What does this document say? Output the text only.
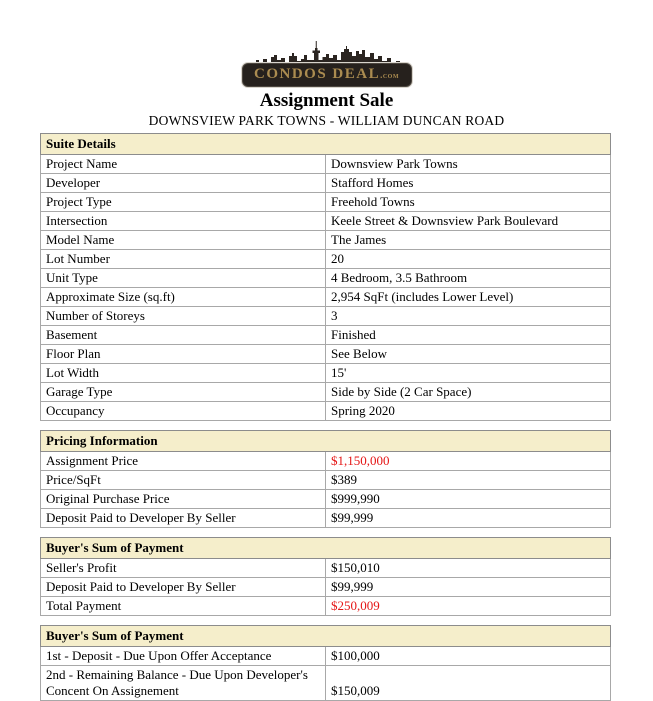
CONDOS DEAL.com
Assignment Sale
DOWNSVIEW PARK TOWNS - WILLIAM DUNCAN ROAD
Suite Details	
Project Name	Downsview Park Towns
Developer	Stafford Homes
Project Type	Freehold Towns
Intersection	Keele Street & Downsview Park Boulevard
Model Name	The James
Lot Number	20
Unit Type	4 Bedroom, 3.5 Bathroom
Approximate Size (sq.ft)	2,954 SqFt (includes Lower Level)
Number of Storeys	3
Basement	Finished
Floor Plan	See Below
Lot Width	15'
Garage Type	Side by Side (2 Car Space)
Occupancy	Spring 2020
Pricing Information	
Assignment Price	$1,150,000
Price/SqFt	$389
Original Purchase Price	$999,990
Deposit Paid to Developer By Seller	$99,999
Buyer's Sum of Payment	
Seller's Profit	$150,010
Deposit Paid to Developer By Seller	$99,999
Total Payment	$250,009
Buyer's Sum of Payment	
1st - Deposit - Due Upon Offer Acceptance	$100,000
2nd - Remaining Balance - Due Upon Developer's Concent On Assignement	$150,009
